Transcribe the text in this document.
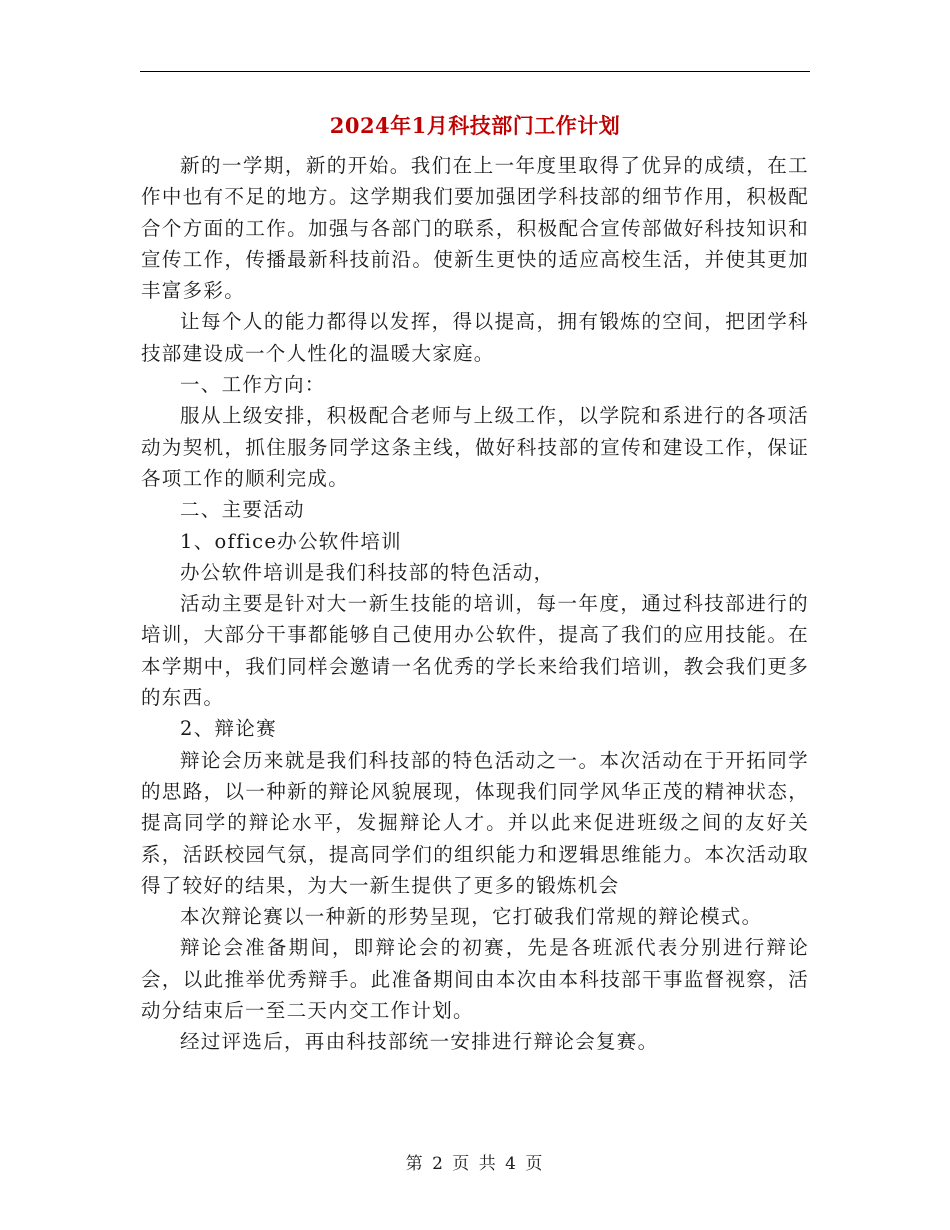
2024年1月科技部门工作计划

新的一学期，新的开始。我们在上一年度里取得了优异的成绩，在工作中也有不足的地方。这学期我们要加强团学科技部的细节作用，积极配合个方面的工作。加强与各部门的联系，积极配合宣传部做好科技知识和宣传工作，传播最新科技前沿。使新生更快的适应高校生活，并使其更加丰富多彩。

让每个人的能力都得以发挥，得以提高，拥有锻炼的空间，把团学科技部建设成一个人性化的温暖大家庭。

一、工作方向：

服从上级安排，积极配合老师与上级工作，以学院和系进行的各项活动为契机，抓住服务同学这条主线，做好科技部的宣传和建设工作，保证各项工作的顺利完成。

二、主要活动

1、office办公软件培训

办公软件培训是我们科技部的特色活动，

活动主要是针对大一新生技能的培训，每一年度，通过科技部进行的培训，大部分干事都能够自己使用办公软件，提高了我们的应用技能。在本学期中，我们同样会邀请一名优秀的学长来给我们培训，教会我们更多的东西。

2、辩论赛

辩论会历来就是我们科技部的特色活动之一。本次活动在于开拓同学的思路，以一种新的辩论风貌展现，体现我们同学风华正茂的精神状态，提高同学的辩论水平，发掘辩论人才。并以此来促进班级之间的友好关系，活跃校园气氛，提高同学们的组织能力和逻辑思维能力。本次活动取得了较好的结果，为大一新生提供了更多的锻炼机会

本次辩论赛以一种新的形势呈现，它打破我们常规的辩论模式。

辩论会准备期间，即辩论会的初赛，先是各班派代表分别进行辩论会，以此推举优秀辩手。此准备期间由本次由本科技部干事监督视察，活动分结束后一至二天内交工作计划。

经过评选后，再由科技部统一安排进行辩论会复赛。

第 2 页 共 4 页
